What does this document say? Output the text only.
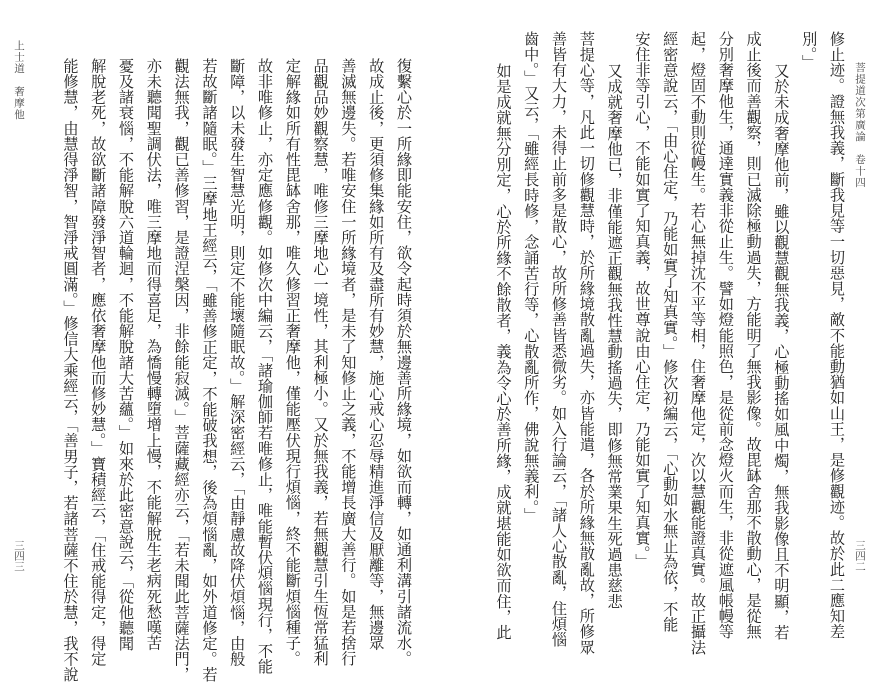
菩提道次第廣論　卷十四
三四二
修止迹。證無我義，斷我見等一切惡見，敵不能動猶如山王，是修觀迹。故於此二應知差
別。」
又於未成奢摩他前，雖以觀慧觀無我義，心極動搖如風中燭，無我影像且不明顯，若
成止後而善觀察，則已滅除極動過失，方能明了無我影像。故毘缽舍那不散動心，是從無
分別奢摩他生，通達實義非從止生。譬如燈能照色，是從前念燈火而生，非從遮風帳幔等
起，燈固不動則從幔生。若心無掉沈不平等相，住奢摩他定，次以慧觀能證真實。故正攝法
經密意說云，「由心住定，乃能如實了知真實。」修次初編云，「心動如水無止為依，不能
安住非等引心，不能如實了知真義，故世尊說由心住定，乃能如實了知真實。」
又成就奢摩他已，非僅能遮正觀無我性慧動搖過失，即修無常業果生死過患慈悲
菩提心等，凡此一切修觀慧時，於所緣境散亂過失，亦皆能遣，各於所緣無散亂故，所修眾
善皆有大力，未得止前多是散心，故所修善皆悉微劣。如入行論云，「諸人心散亂，住煩惱
齒中。」又云，「雖經長時修，念誦苦行等，心散亂所作，佛說無義利。」
如是成就無分別定，心於所緣不餘散者，義為令心於善所緣，成就堪能如欲而住，此
上士道　奢摩他
三四三	復繫心於一所緣即能安住，欲令起時須於無邊善所緣境，如欲而轉，如通利溝引諸流水。
故成止後，更須修集緣如所有及盡所有妙慧，施心戒心忍辱精進淨信及厭離等，無邊眾
善滅無邊失。若唯安住一所緣境者，是未了知修止之義，不能增長廣大善行。如是若捨行
品觀品妙觀察慧，唯修三摩地心一境性，其利極小。又於無我義，若無觀慧引生恆常猛利
定解緣如所有性毘缽舍那，唯久修習正奢摩他，僅能壓伏現行煩惱，終不能斷煩惱種子。
故非唯修止，亦定應修觀。如修次中編云，「諸瑜伽師若唯修止，唯能暫伏煩惱現行，不能
斷障，以未發生智慧光明，則定不能壞隨眠故。」解深密經云，「由靜慮故降伏煩惱，由般
若故斷諸隨眠。」三摩地王經云，「雖善修正定，不能破我想，後為煩惱亂，如外道修定。若
觀法無我，觀已善修習，是證涅槃因，非餘能寂滅。」菩薩藏經亦云，「若未聞此菩薩法門，
亦未聽聞聖調伏法，唯三摩地而得喜足，為憍慢轉墮增上慢，不能解脫生老病死愁嘆苦
憂及諸衰惱，不能解脫六道輪迴，不能解脫諸大苦蘊。」如來於此密意說云，「從他聽聞
解脫老死，故欲斷諸障發淨智者，應依奢摩他而修妙慧。」寶積經云，「住戒能得定，得定
能修慧，由慧得淨智，智淨戒圓滿。」修信大乘經云，「善男子，若諸菩薩不住於慧，我不說
